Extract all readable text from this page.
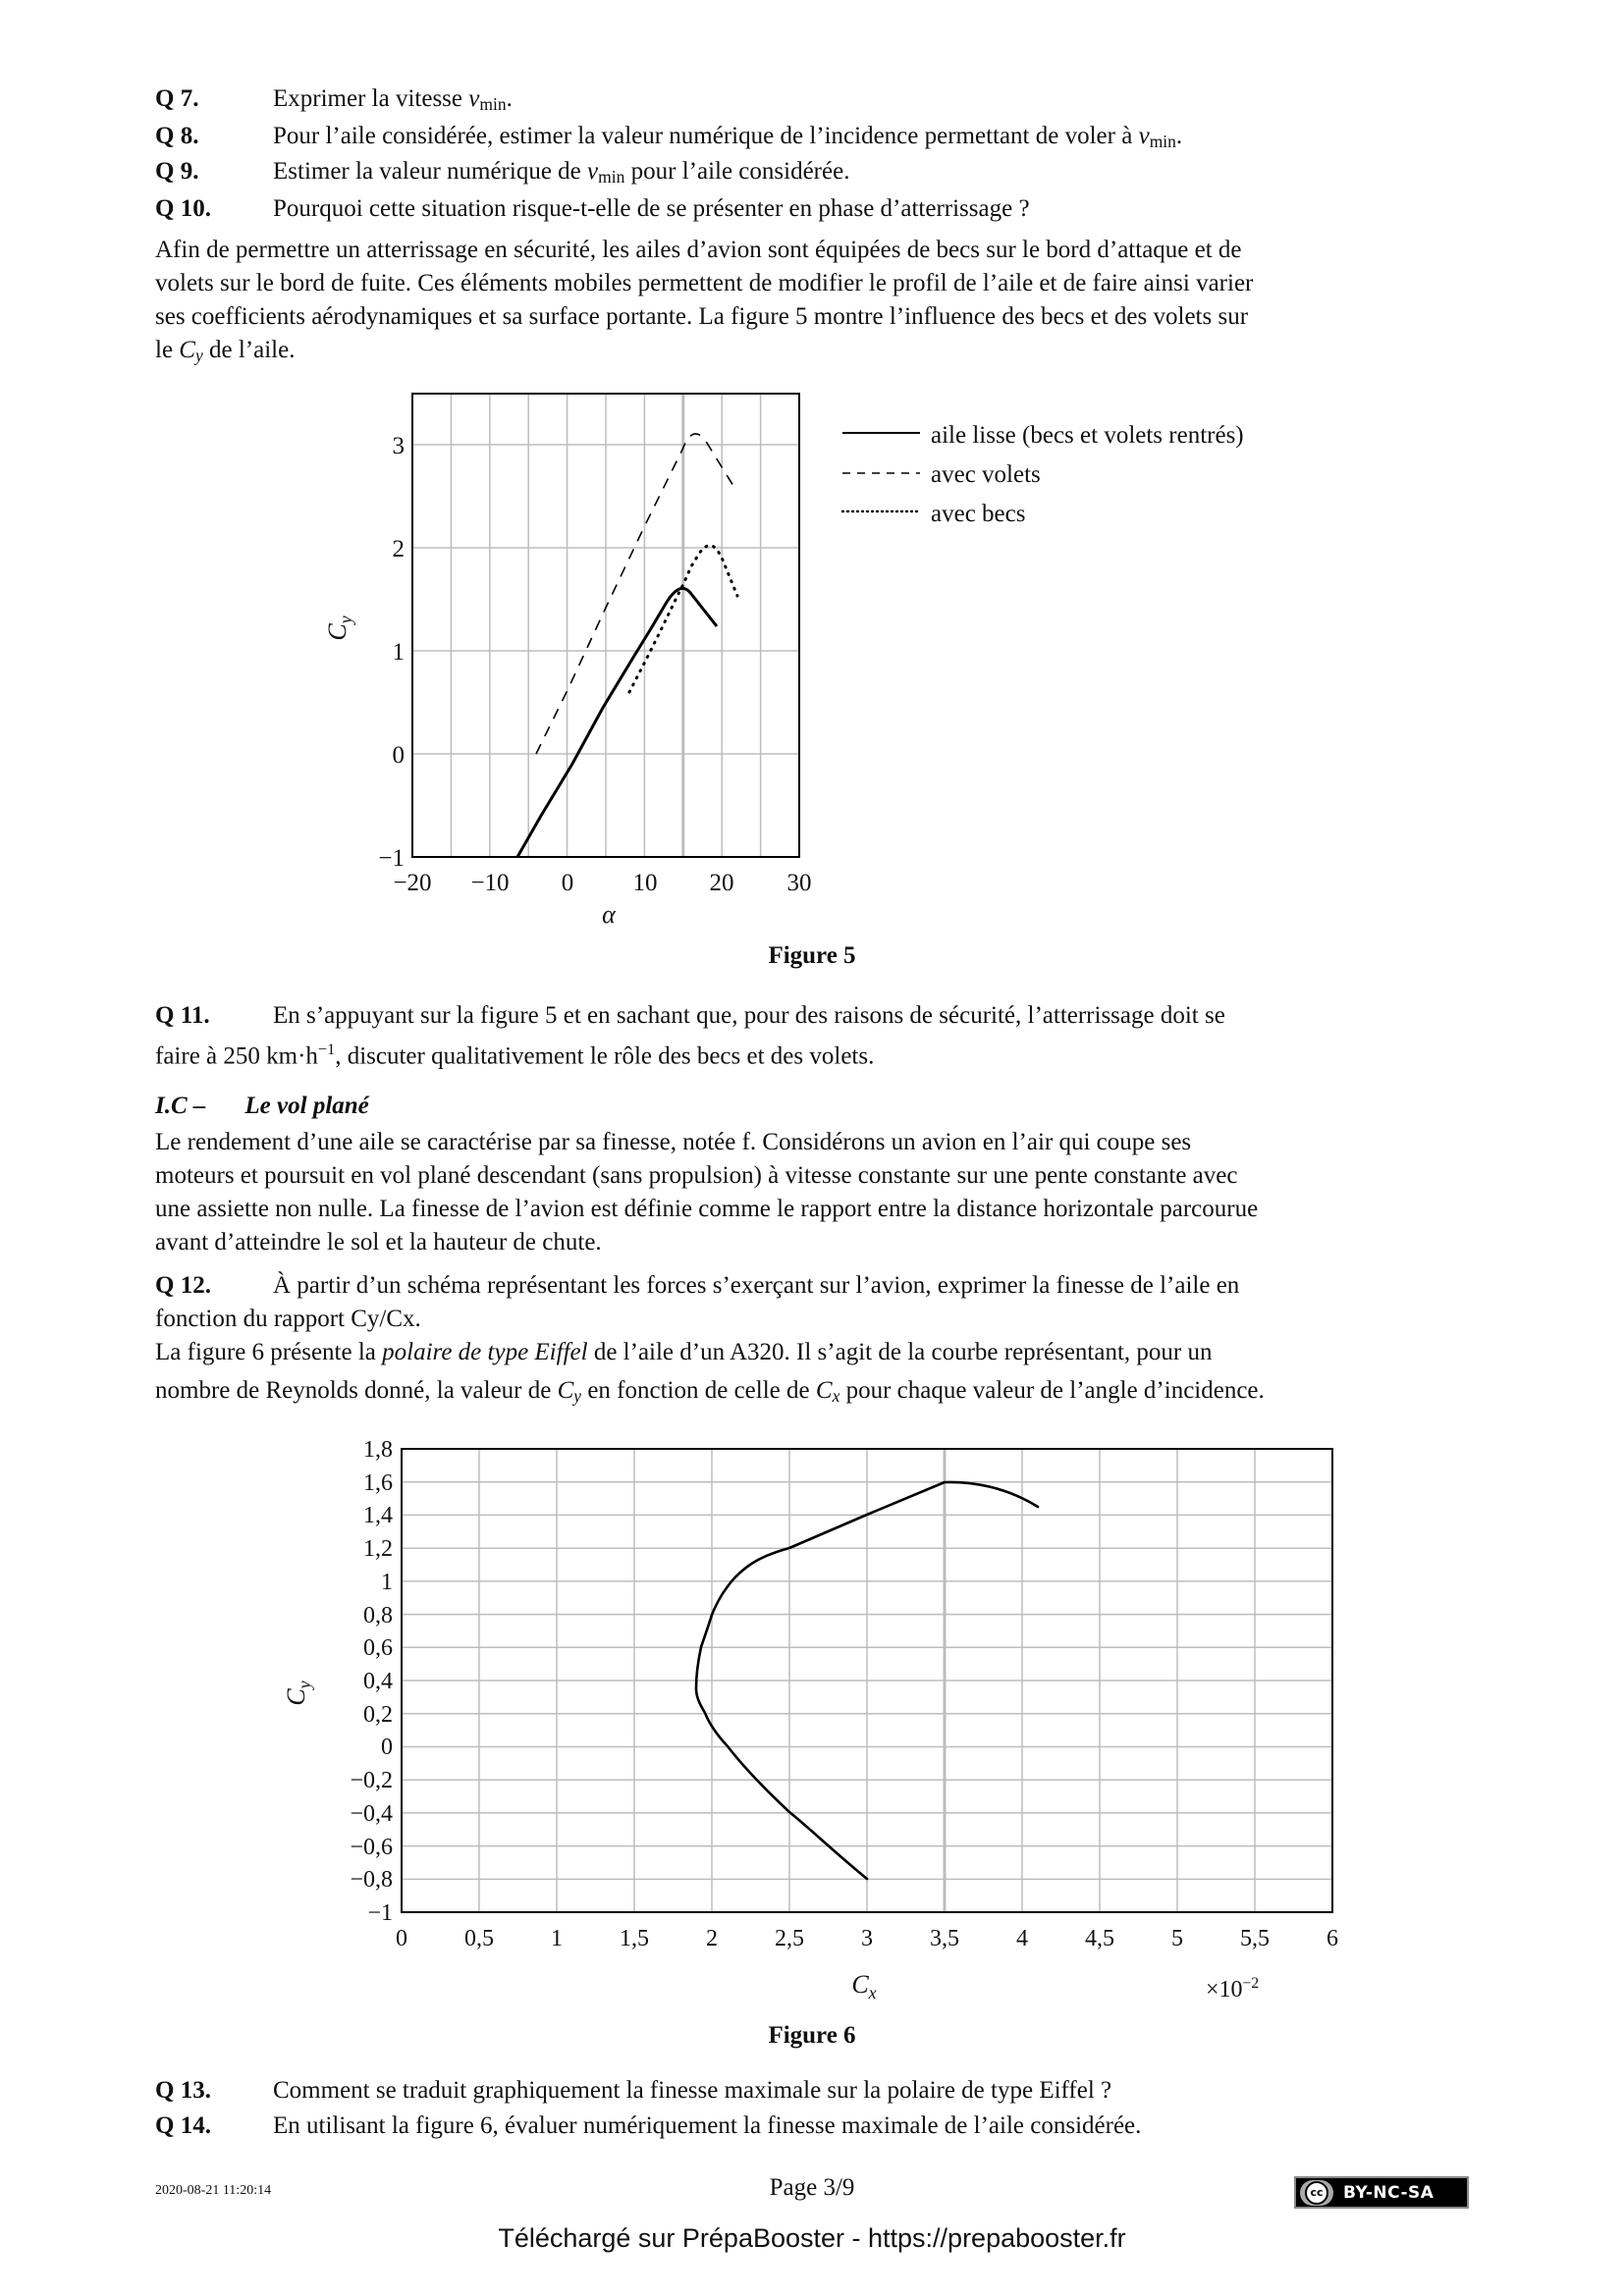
Q 7.	Exprimer la vitesse $v_{min}$.
Q 8.	Pour l’aile considérée, estimer la valeur numérique de l’incidence permettant de voler à $v_{min}$.
Q 9.	Estimer la valeur numérique de $v_{min}$ pour l’aile considérée.
Q 10.	Pourquoi cette situation risque-t-elle de se présenter en phase d’atterrissage ?
Afin de permettre un atterrissage en sécurité, les ailes d’avion sont équipées de becs sur le bord d’attaque et de
volets sur le bord de fuite. Ces éléments mobiles permettent de modifier le profil de l’aile et de faire ainsi varier
ses coefficients aérodynamiques et sa surface portante. La figure 5 montre l’influence des becs et des volets sur
le $C_y$ de l’aile.
3
2
1
0
−1
−20 −10 0 10 20 30
α
$C_y$
aile lisse (becs et volets rentrés)
avec volets
avec becs
Figure 5
Q 11.	En s’appuyant sur la figure 5 et en sachant que, pour des raisons de sécurité, l’atterrissage doit se
faire à 250 $km\cdot h^{-1}$, discuter qualitativement le rôle des becs et des volets.
I.C – Le vol plané
Le rendement d’une aile se caractérise par sa finesse, notée f. Considérons un avion en l’air qui coupe ses
moteurs et poursuit en vol plané descendant (sans propulsion) à vitesse constante sur une pente constante avec
une assiette non nulle. La finesse de l’avion est définie comme le rapport entre la distance horizontale parcourue
avant d’atteindre le sol et la hauteur de chute.
Q 12.	À partir d’un schéma représentant les forces s’exerçant sur l’avion, exprimer la finesse de l’aile en
fonction du rapport Cy/Cx.
La figure 6 présente la polaire de type Eiffel de l’aile d’un A320. Il s’agit de la courbe représentant, pour un
nombre de Reynolds donné, la valeur de $C_y$ en fonction de celle de $C_x$ pour chaque valeur de l’angle d’incidence.
Figure 6
1,8
1,6
1,4
1,2
1
0,8
0,6
0,4
0,2
0
−0,2
−0,4
−0,6
−0,8
−1
0 0,5 1 1,5 2 2,5 3 3,5 4 4,5 5 5,5 6
$C_x$
$C_y$
$\times 10^{-2}$
Q 13.	Comment se traduit graphiquement la finesse maximale sur la polaire de type Eiffel ?
Q 14.	En utilisant la figure 6, évaluer numériquement la finesse maximale de l’aile considérée.
2020-08-21 11:20:14	Page 3/9	cc	BY-NC-SA
Téléchargé sur PrépaBooster - https://prepabooster.fr
